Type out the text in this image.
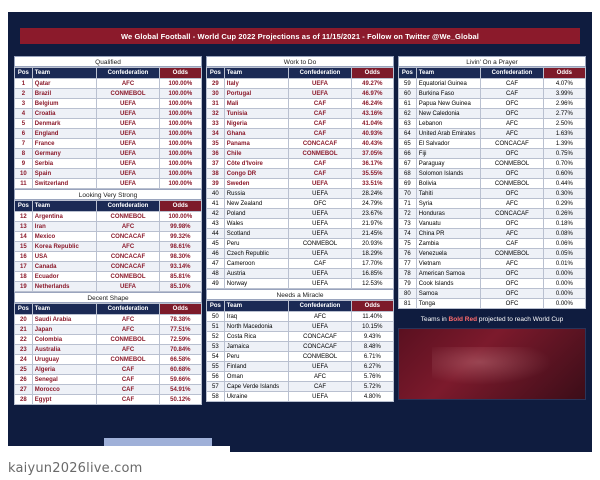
We Global Football - World Cup 2022 Projections as of 11/15/2021 - Follow on Twitter @We_Global
Qualified
Pos	Team	Confederation	Odds
1	Qatar	AFC	100.00%
2	Brazil	CONMEBOL	100.00%
3	Belgium	UEFA	100.00%
4	Croatia	UEFA	100.00%
5	Denmark	UEFA	100.00%
6	England	UEFA	100.00%
7	France	UEFA	100.00%
8	Germany	UEFA	100.00%
9	Serbia	UEFA	100.00%
10	Spain	UEFA	100.00%
11	Switzerland	UEFA	100.00%
Looking Very Strong
Pos	Team	Confederation	Odds
12	Argentina	CONMEBOL	100.00%
13	Iran	AFC	99.98%
14	Mexico	CONCACAF	99.32%
15	Korea Republic	AFC	98.61%
16	USA	CONCACAF	98.30%
17	Canada	CONCACAF	93.14%
18	Ecuador	CONMEBOL	85.81%
19	Netherlands	UEFA	85.10%
Decent Shape
Pos	Team	Confederation	Odds
20	Saudi Arabia	AFC	78.38%
21	Japan	AFC	77.51%
22	Colombia	CONMEBOL	72.59%
23	Australia	AFC	70.84%
24	Uruguay	CONMEBOL	66.58%
25	Algeria	CAF	60.68%
26	Senegal	CAF	59.66%
27	Morocco	CAF	54.91%
28	Egypt	CAF	50.12%
Work to Do
Pos	Team	Confederation	Odds
29	Italy	UEFA	49.27%
30	Portugal	UEFA	46.97%
31	Mali	CAF	46.24%
32	Tunisia	CAF	43.16%
33	Nigeria	CAF	41.04%
34	Ghana	CAF	40.93%
35	Panama	CONCACAF	40.43%
36	Chile	CONMEBOL	37.05%
37	Côte d'Ivoire	CAF	36.17%
38	Congo DR	CAF	35.55%
39	Sweden	UEFA	33.51%
40	Russia	UEFA	28.24%
41	New Zealand	OFC	24.79%
42	Poland	UEFA	23.67%
43	Wales	UEFA	21.97%
44	Scotland	UEFA	21.45%
45	Peru	CONMEBOL	20.93%
46	Czech Republic	UEFA	18.29%
47	Cameroon	CAF	17.70%
48	Austria	UEFA	16.85%
49	Norway	UEFA	12.53%
Needs a Miracle
Pos	Team	Confederation	Odds
50	Iraq	AFC	11.40%
51	North Macedonia	UEFA	10.15%
52	Costa Rica	CONCACAF	9.43%
53	Jamaica	CONCACAF	8.48%
54	Peru	CONMEBOL	6.71%
55	Finland	UEFA	6.27%
56	Oman	AFC	5.76%
57	Cape Verde Islands	CAF	5.72%
58	Ukraine	UEFA	4.80%
Livin' On a Prayer
Pos	Team	Confederation	Odds
59	Equatorial Guinea	CAF	4.07%
60	Burkina Faso	CAF	3.99%
61	Papua New Guinea	OFC	2.96%
62	New Caledonia	OFC	2.77%
63	Lebanon	AFC	2.50%
64	United Arab Emirates	AFC	1.63%
65	El Salvador	CONCACAF	1.39%
66	Fiji	OFC	0.75%
67	Paraguay	CONMEBOL	0.70%
68	Solomon Islands	OFC	0.60%
69	Bolivia	CONMEBOL	0.44%
70	Tahiti	OFC	0.30%
71	Syria	AFC	0.29%
72	Honduras	CONCACAF	0.26%
73	Vanuatu	OFC	0.18%
74	China PR	AFC	0.08%
75	Zambia	CAF	0.06%
76	Venezuela	CONMEBOL	0.05%
77	Vietnam	AFC	0.01%
78	American Samoa	OFC	0.00%
79	Cook Islands	OFC	0.00%
80	Samoa	OFC	0.00%
81	Tonga	OFC	0.00%
Teams in Bold Red projected to reach World Cup
kaiyun2026live.com
